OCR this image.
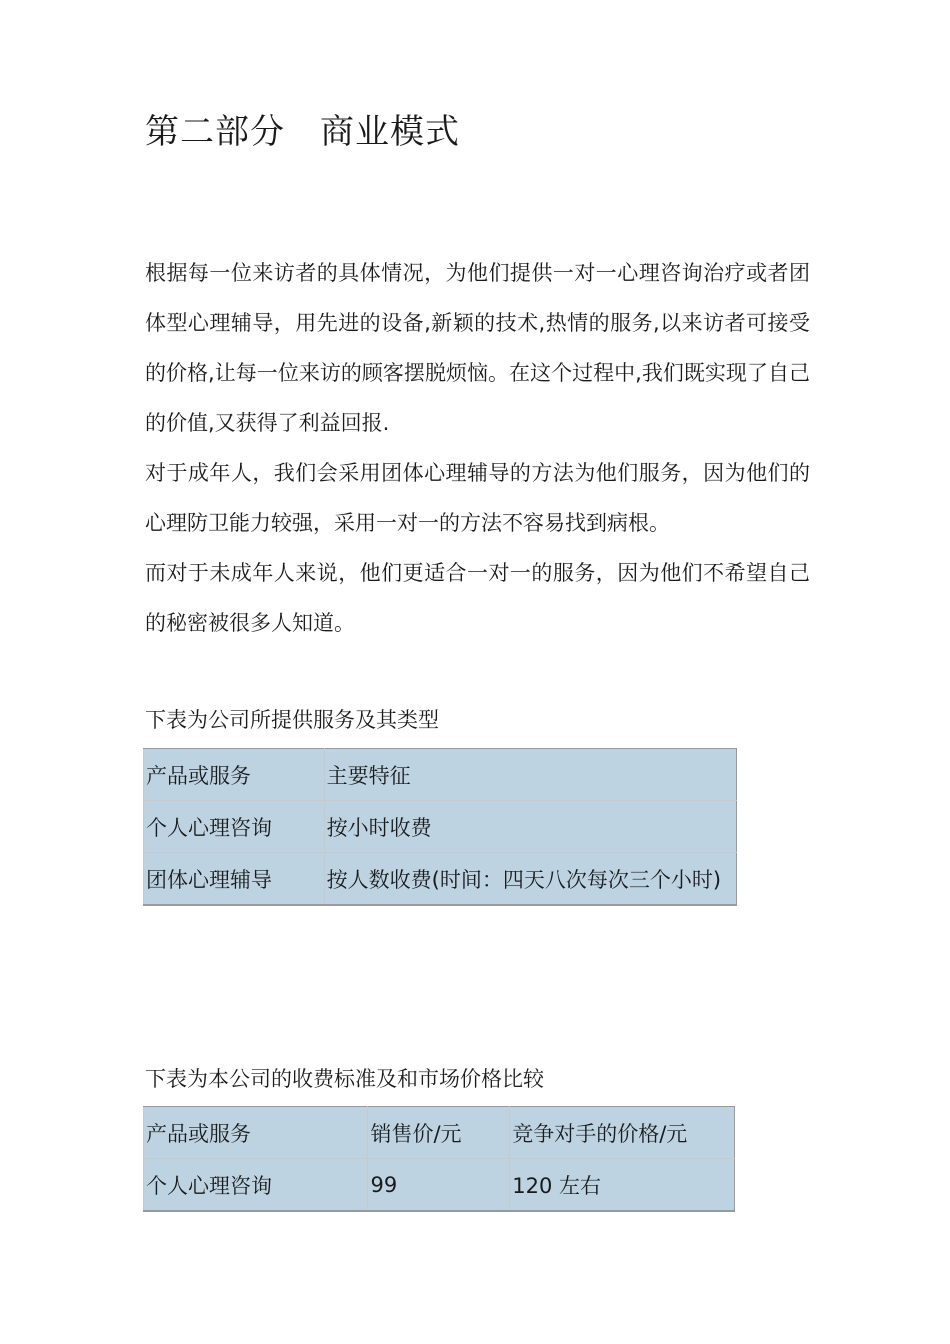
第二部分　商业模式

根据每一位来访者的具体情况，为他们提供一对一心理咨询治疗或者团体型心理辅导，用先进的设备,新颖的技术,热情的服务,以来访者可接受的价格,让每一位来访的顾客摆脱烦恼。在这个过程中,我们既实现了自己的价值,又获得了利益回报.

对于成年人，我们会采用团体心理辅导的方法为他们服务，因为他们的心理防卫能力较强，采用一对一的方法不容易找到病根。

而对于未成年人来说，他们更适合一对一的服务，因为他们不希望自己的秘密被很多人知道。

下表为公司所提供服务及其类型

产品或服务	主要特征
个人心理咨询	按小时收费
团体心理辅导	按人数收费(时间：四天八次每次三个小时)

下表为本公司的收费标准及和市场价格比较

产品或服务	销售价/元	竞争对手的价格/元
个人心理咨询	99	120 左右
